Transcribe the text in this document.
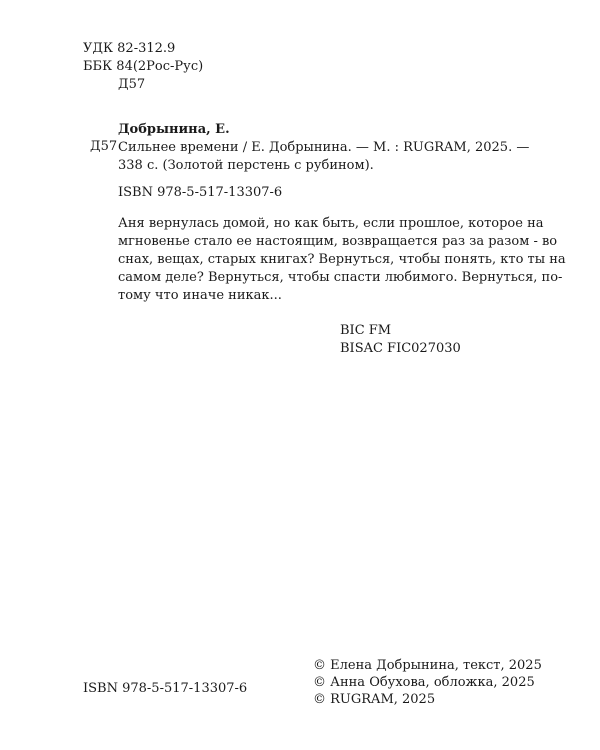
УДК 82-312.9
ББК 84(2Рос-Рус)
Д57
Д57
Добрынина, Е.
Сильнее времени / Е. Добрынина. — М. : RUGRAM, 2025. —
338 с. (Золотой перстень с рубином).
ISBN 978-5-517-13307-6
Аня вернулась домой, но как быть, если прошлое, которое на
мгновенье стало ее настоящим, возвращается раз за разом - во
снах, вещах, старых книгах? Вернуться, чтобы понять, кто ты на
самом деле? Вернуться, чтобы спасти любимого. Вернуться, по-
тому что иначе никак...
BIC FM
BISAC FIC027030
© Елена Добрынина, текст, 2025
© Анна Обухова, обложка, 2025
© RUGRAM, 2025
ISBN 978-5-517-13307-6
